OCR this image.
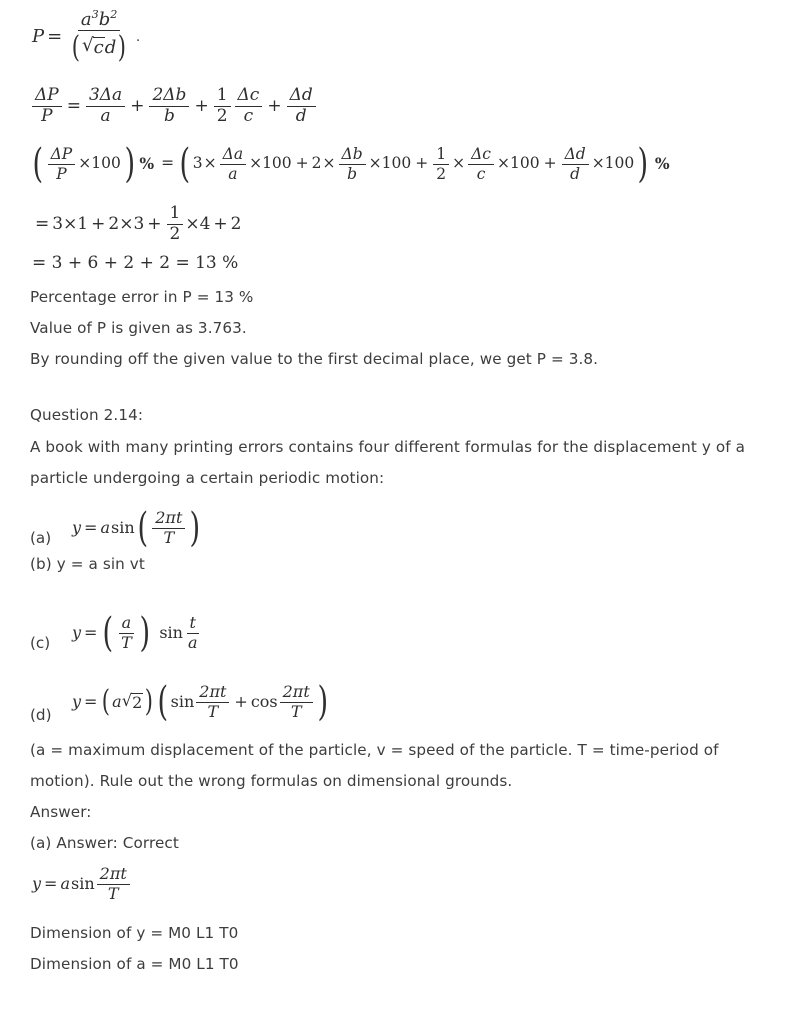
P =
$a^3b^2$
( √ c d ) .
$\frac{\Delta P}{P} = \frac{3\Delta a}{a} + \frac{2\Delta b}{b} + \frac{1}{2} \frac{\Delta c}{c} + \frac{\Delta d}{d}$
( $\frac{\Delta P}{P} \times 100$ ) % = ( $3 \times \frac{\Delta a}{a} \times 100 + 2 \times \frac{\Delta b}{b} \times 100 + \frac{1}{2} \times \frac{\Delta c}{c} \times 100 + \frac{\Delta d}{d} \times 100$ ) %
= $3\times 1 + 2\times 3 + \frac{1}{2} \times 4 + 2$
= 3 + 6 + 2 + 2 = 13 %
Percentage error in P = 13 %
Value of P is given as 3.763.
By rounding off the given value to the first decimal place, we get P = 3.8.
Question 2.14:
A book with many printing errors contains four different formulas for the displacement y of a particle undergoing a certain periodic motion:
(a)
y = a sin ( $\frac{2\pi t}{T}$ )
(b) y = a sin vt
(c)
y = ( $\frac{a}{T}$ ) $\sin \frac{t}{a}$
(d)
y = ( a √ 2 ) ( $\sin \frac{2\pi t}{T} + \cos \frac{2\pi t}{T}$ )
(a = maximum displacement of the particle, v = speed of the particle. T = time-period of motion). Rule out the wrong formulas on dimensional grounds.
Answer:
(a) Answer: Correct
y = a $\sin \frac{2\pi t}{T}$
Dimension of y = M0 L1 T0
Dimension of a = M0 L1 T0
